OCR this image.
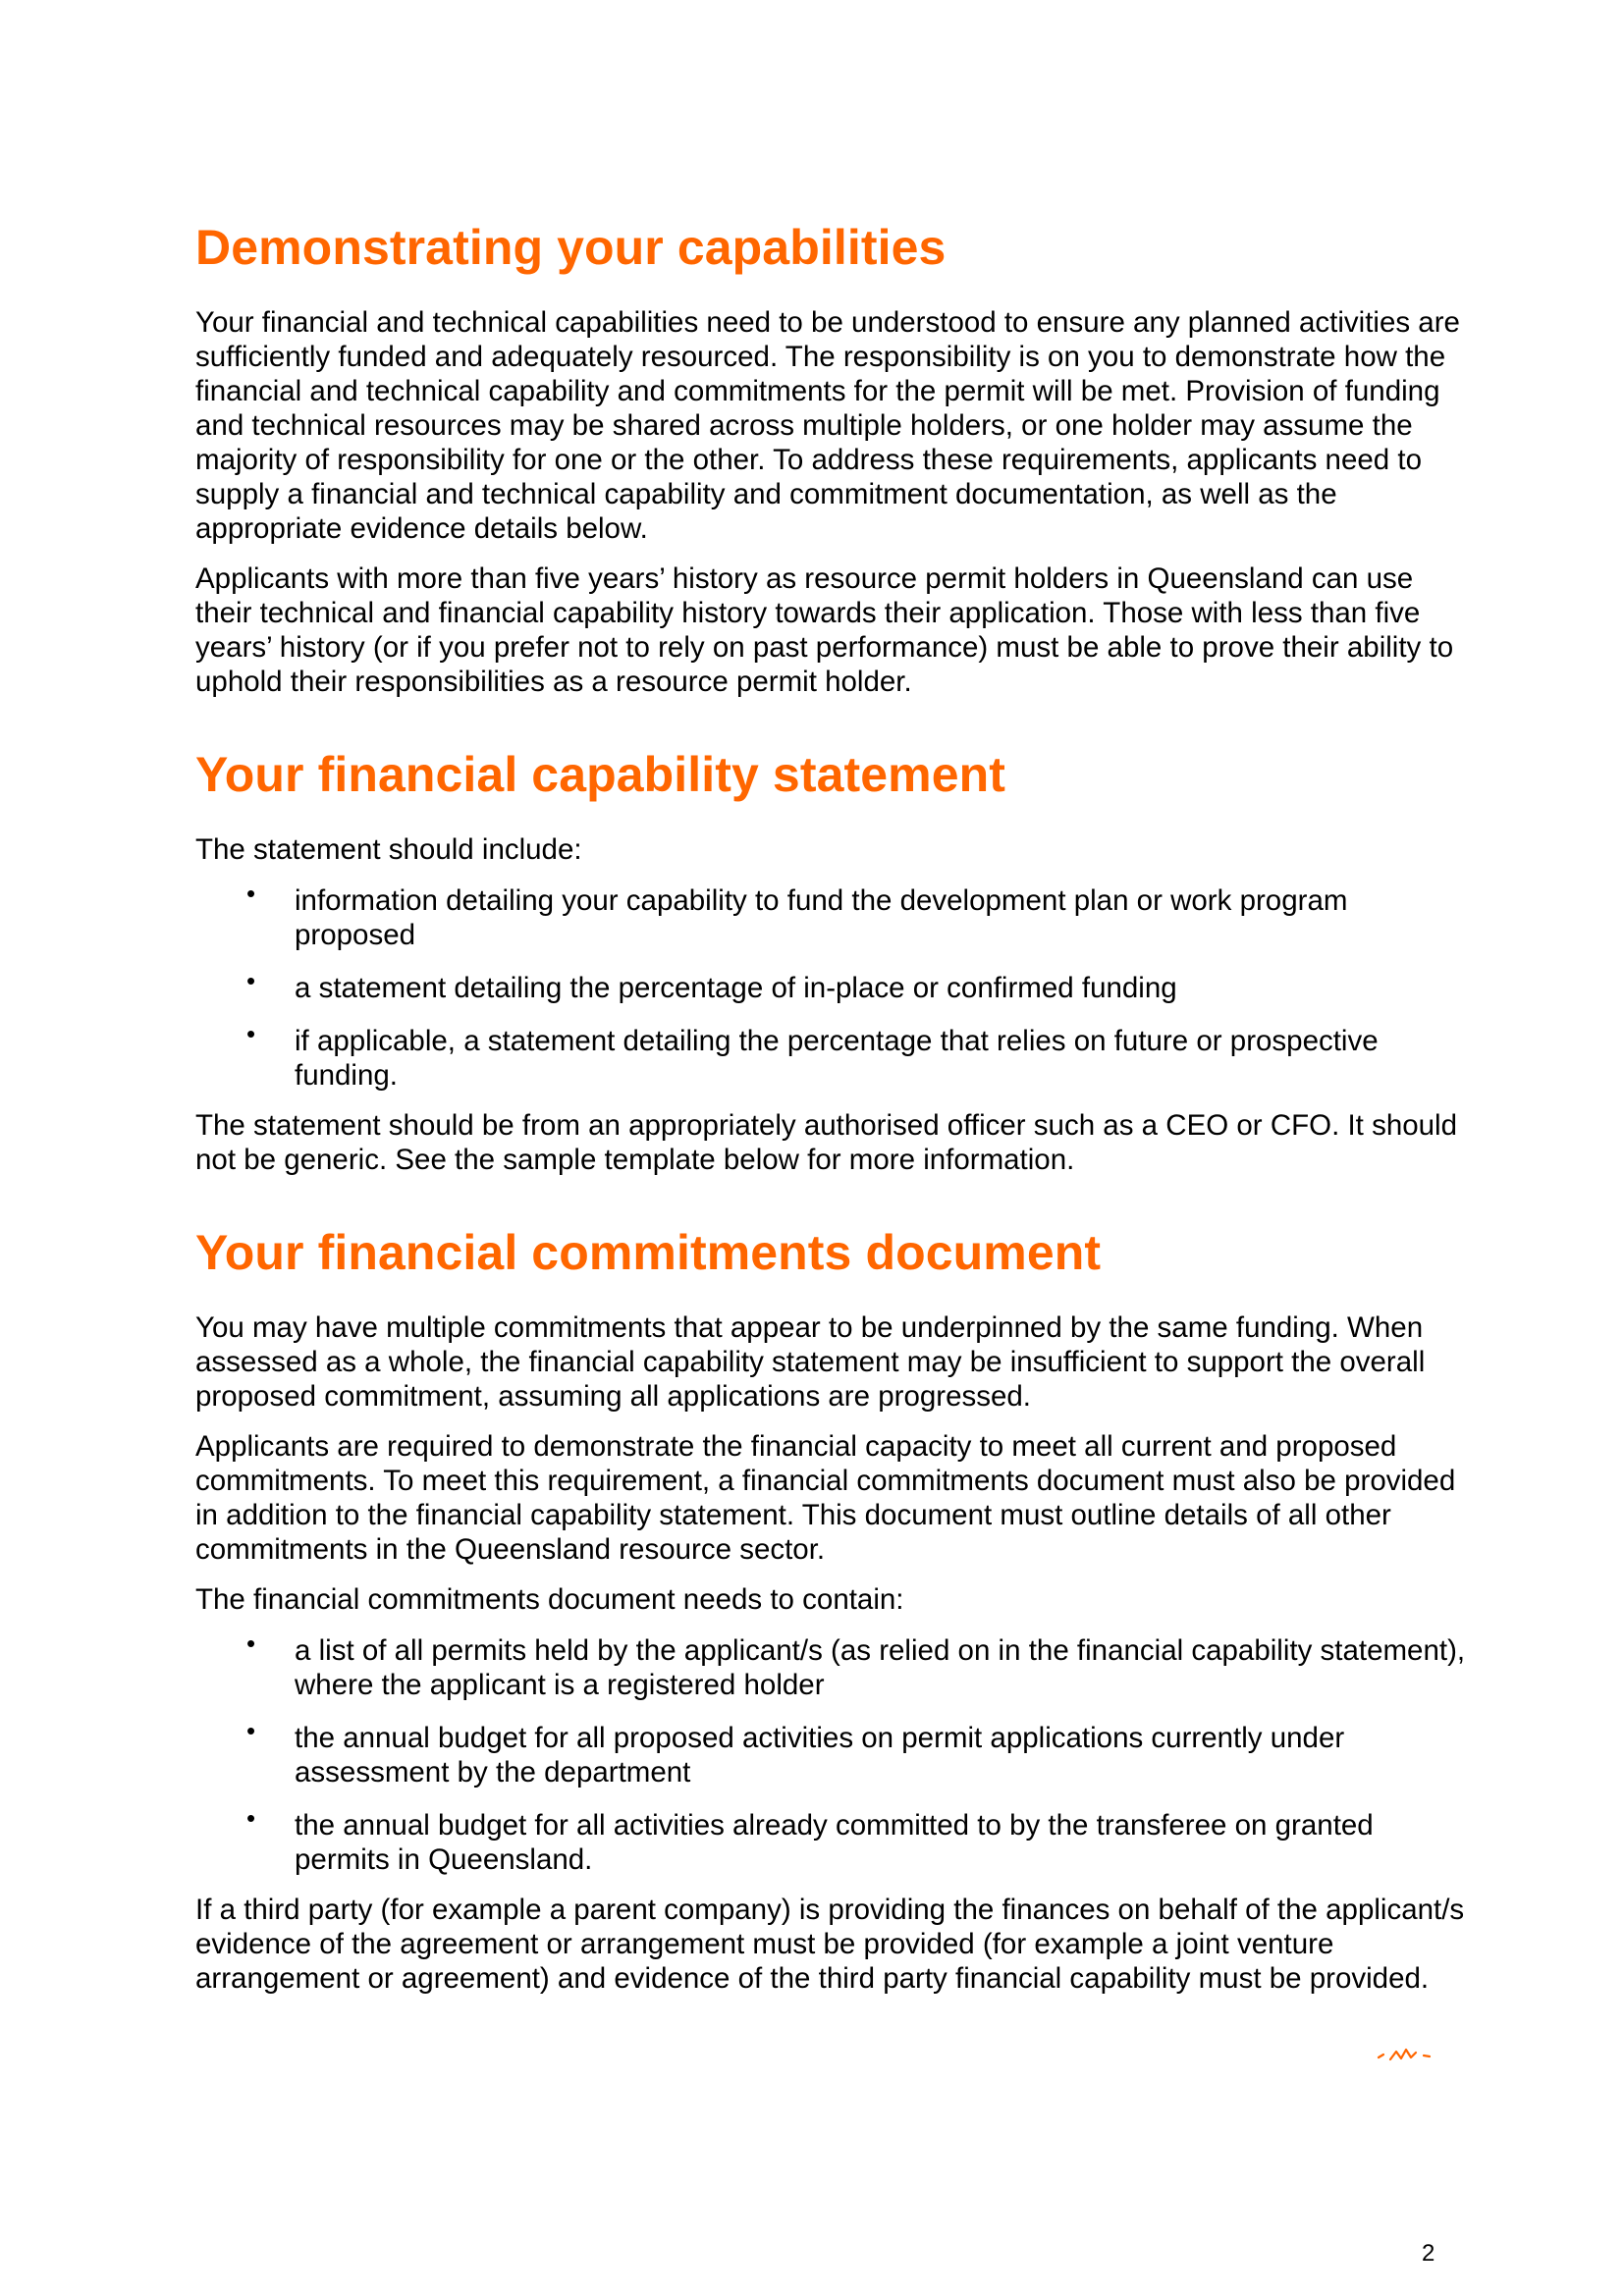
Demonstrating your capabilities

Your financial and technical capabilities need to be understood to ensure any planned activities are sufficiently funded and adequately resourced. The responsibility is on you to demonstrate how the financial and technical capability and commitments for the permit will be met. Provision of funding and technical resources may be shared across multiple holders, or one holder may assume the majority of responsibility for one or the other. To address these requirements, applicants need to supply a financial and technical capability and commitment documentation, as well as the appropriate evidence details below.

Applicants with more than five years’ history as resource permit holders in Queensland can use their technical and financial capability history towards their application. Those with less than five years’ history (or if you prefer not to rely on past performance) must be able to prove their ability to uphold their responsibilities as a resource permit holder.

Your financial capability statement

The statement should include:

• information detailing your capability to fund the development plan or work program proposed
• a statement detailing the percentage of in-place or confirmed funding
• if applicable, a statement detailing the percentage that relies on future or prospective funding.

The statement should be from an appropriately authorised officer such as a CEO or CFO. It should not be generic. See the sample template below for more information.

Your financial commitments document

You may have multiple commitments that appear to be underpinned by the same funding. When assessed as a whole, the financial capability statement may be insufficient to support the overall proposed commitment, assuming all applications are progressed.

Applicants are required to demonstrate the financial capacity to meet all current and proposed commitments. To meet this requirement, a financial commitments document must also be provided in addition to the financial capability statement. This document must outline details of all other commitments in the Queensland resource sector.

The financial commitments document needs to contain:

• a list of all permits held by the applicant/s (as relied on in the financial capability statement), where the applicant is a registered holder
• the annual budget for all proposed activities on permit applications currently under assessment by the department
• the annual budget for all activities already committed to by the transferee on granted permits in Queensland.

If a third party (for example a parent company) is providing the finances on behalf of the applicant/s evidence of the agreement or arrangement must be provided (for example a joint venture arrangement or agreement) and evidence of the third party financial capability must be provided.

2
